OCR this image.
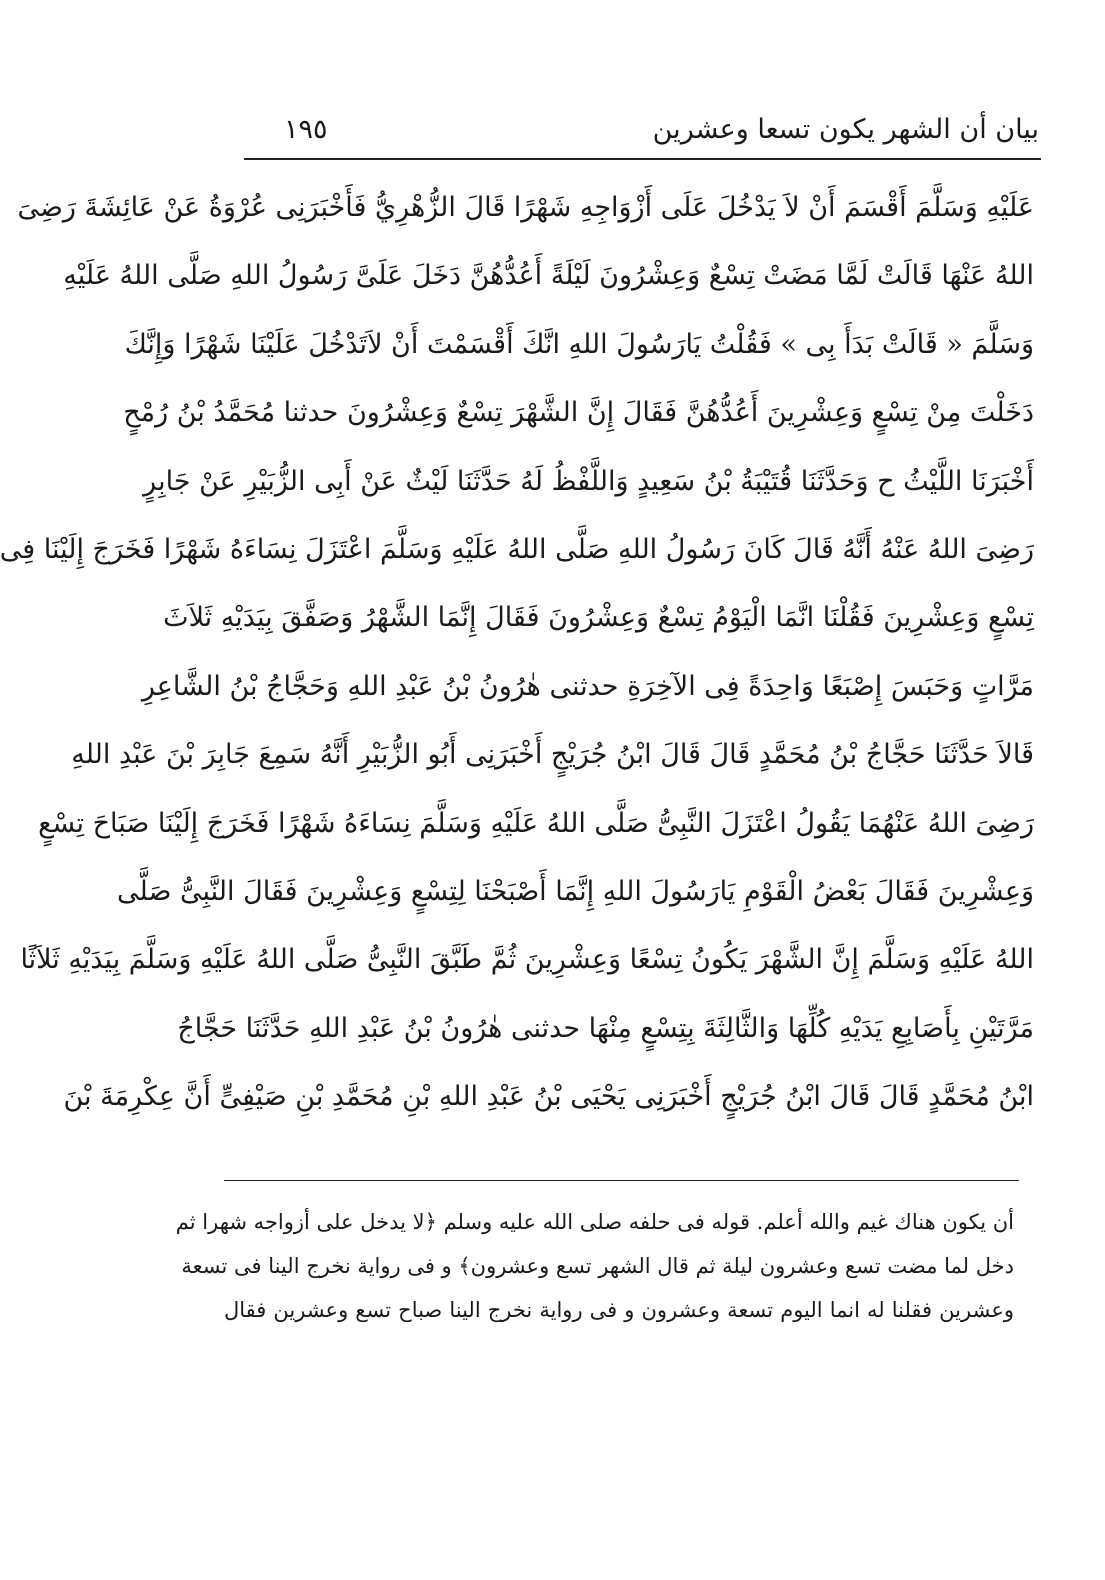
بيان أن الشهر يكون تسعا وعشرين
١٩٥
عَلَيْهِ وَسَلَّمَ أَقْسَمَ أَنْ لاَ يَدْخُلَ عَلَى أَزْوَاجِهِ شَهْرًا قَالَ الزُّهْرِيُّ فَأَخْبَرَنِى عُرْوَةُ عَنْ عَائِشَةَ رَضِىَ
اللهُ عَنْهَا قَالَتْ لَمَّا مَضَتْ تِسْعٌ وَعِشْرُونَ لَيْلَةً أَعُدُّهُنَّ دَخَلَ عَلَىَّ رَسُولُ اللهِ صَلَّى اللهُ عَلَيْهِ
وَسَلَّمَ « قَالَتْ بَدَأَ بِى » فَقُلْتُ يَارَسُولَ اللهِ انَّكَ أَقْسَمْتَ أَنْ لاَتَدْخُلَ عَلَيْنَا شَهْرًا وَإِنَّكَ
دَخَلْتَ مِنْ تِسْعٍ وَعِشْرِينَ أَعُدُّهُنَّ فَقَالَ إِنَّ الشَّهْرَ تِسْعٌ وَعِشْرُونَ حدثنا مُحَمَّدُ بْنُ رُمْحٍ
أَخْبَرَنَا اللَّيْثُ ح وَحَدَّثَنَا قُتَيْبَةُ بْنُ سَعِيدٍ وَاللَّفْظُ لَهُ حَدَّثَنَا لَيْثٌ عَنْ أَبِى الزُّبَيْرِ عَنْ جَابِرٍ
رَضِىَ اللهُ عَنْهُ أَنَّهُ قَالَ كَانَ رَسُولُ اللهِ صَلَّى اللهُ عَلَيْهِ وَسَلَّمَ اعْتَزَلَ نِسَاءَهُ شَهْرًا فَخَرَجَ إِلَيْنَا فِى
تِسْعٍ وَعِشْرِينَ فَقُلْنَا انَّمَا الْيَوْمُ تِسْعٌ وَعِشْرُونَ فَقَالَ إِنَّمَا الشَّهْرُ وَصَفَّقَ بِيَدَيْهِ ثَلاَثَ
مَرَّاتٍ وَحَبَسَ إِصْبَعًا وَاحِدَةً فِى الآخِرَةِ حدثنى هٰرُونُ بْنُ عَبْدِ اللهِ وَحَجَّاجُ بْنُ الشَّاعِرِ
قَالاَ حَدَّثَنَا حَجَّاجُ بْنُ مُحَمَّدٍ قَالَ قَالَ ابْنُ جُرَيْجٍ أَخْبَرَنِى أَبُو الزُّبَيْرِ أَنَّهُ سَمِعَ جَابِرَ بْنَ عَبْدِ اللهِ
رَضِىَ اللهُ عَنْهُمَا يَقُولُ اعْتَزَلَ النَّبِىُّ صَلَّى اللهُ عَلَيْهِ وَسَلَّمَ نِسَاءَهُ شَهْرًا فَخَرَجَ إِلَيْنَا صَبَاحَ تِسْعٍ
وَعِشْرِينَ فَقَالَ بَعْضُ الْقَوْمِ يَارَسُولَ اللهِ إِنَّمَا أَصْبَحْنَا لِتِسْعٍ وَعِشْرِينَ فَقَالَ النَّبِىُّ صَلَّى
اللهُ عَلَيْهِ وَسَلَّمَ إِنَّ الشَّهْرَ يَكُونُ تِسْعًا وَعِشْرِينَ ثُمَّ طَبَّقَ النَّبِىُّ صَلَّى اللهُ عَلَيْهِ وَسَلَّمَ بِيَدَيْهِ ثَلاَثًا
مَرَّتَيْنِ بِأَصَابِعِ يَدَيْهِ كُلِّهَا وَالثَّالِثَةَ بِتِسْعٍ مِنْهَا حدثنى هٰرُونُ بْنُ عَبْدِ اللهِ حَدَّثَنَا حَجَّاجُ
ابْنُ مُحَمَّدٍ قَالَ قَالَ ابْنُ جُرَيْجٍ أَخْبَرَنِى يَحْيَى بْنُ عَبْدِ اللهِ بْنِ مُحَمَّدِ بْنِ صَيْفِىٍّ أَنَّ عِكْرِمَةَ بْنَ
أن يكون هناك غيم والله أعلم. قوله فى حلفه صلى الله عليه وسلم ﴿لا يدخل على أزواجه شهرا ثم
دخل لما مضت تسع وعشرون ليلة ثم قال الشهر تسع وعشرون﴾ و فى رواية نخرج الينا فى تسعة
وعشرين فقلنا له انما اليوم تسعة وعشرون و فى رواية نخرج الينا صباح تسع وعشرين فقال
